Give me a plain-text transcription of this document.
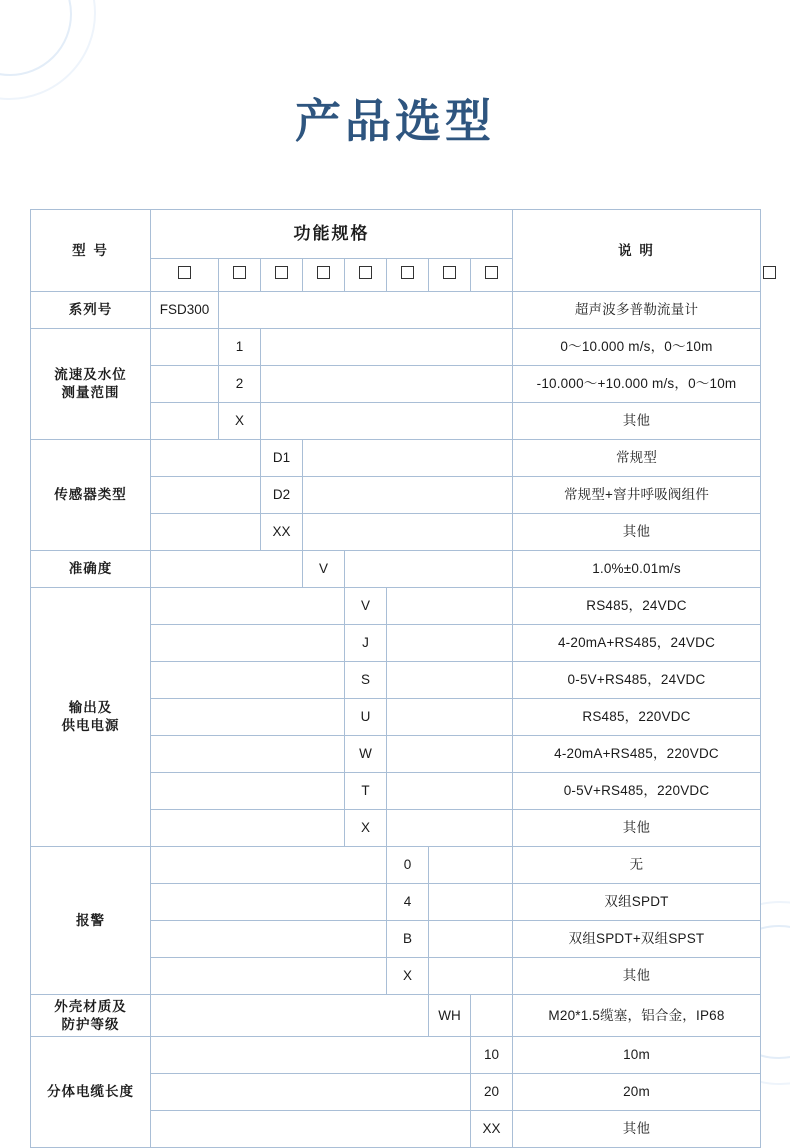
产品选型
型 号	功能规格								说 明	

系列号	FSD300								超声波多普勒流量计	
流速及水位
测量范围		1							0～10.000 m/s，0～10m	
		2							-10.000～+10.000 m/s，0～10m	
		X							其他	
传感器类型			D1						常规型	
			D2						常规型+窨井呼吸阀组件	
			XX						其他	
准确度				V					1.0%±0.01m/s	
输出及
供电电源					V				RS485，24VDC	
					J				4-20mA+RS485，24VDC	
					S				0-5V+RS485，24VDC	
					U				RS485，220VDC	
					W				4-20mA+RS485，220VDC	
					T				0-5V+RS485，220VDC	
					X				其他	
报警						0			无	
						4			双组SPDT	
						B			双组SPDT+双组SPST	
						X			其他	
外壳材质及
防护等级							WH		M20*1.5缆塞，铝合金，IP68	
分体电缆长度								10	10m	
								20	20m	
								XX	其他	
